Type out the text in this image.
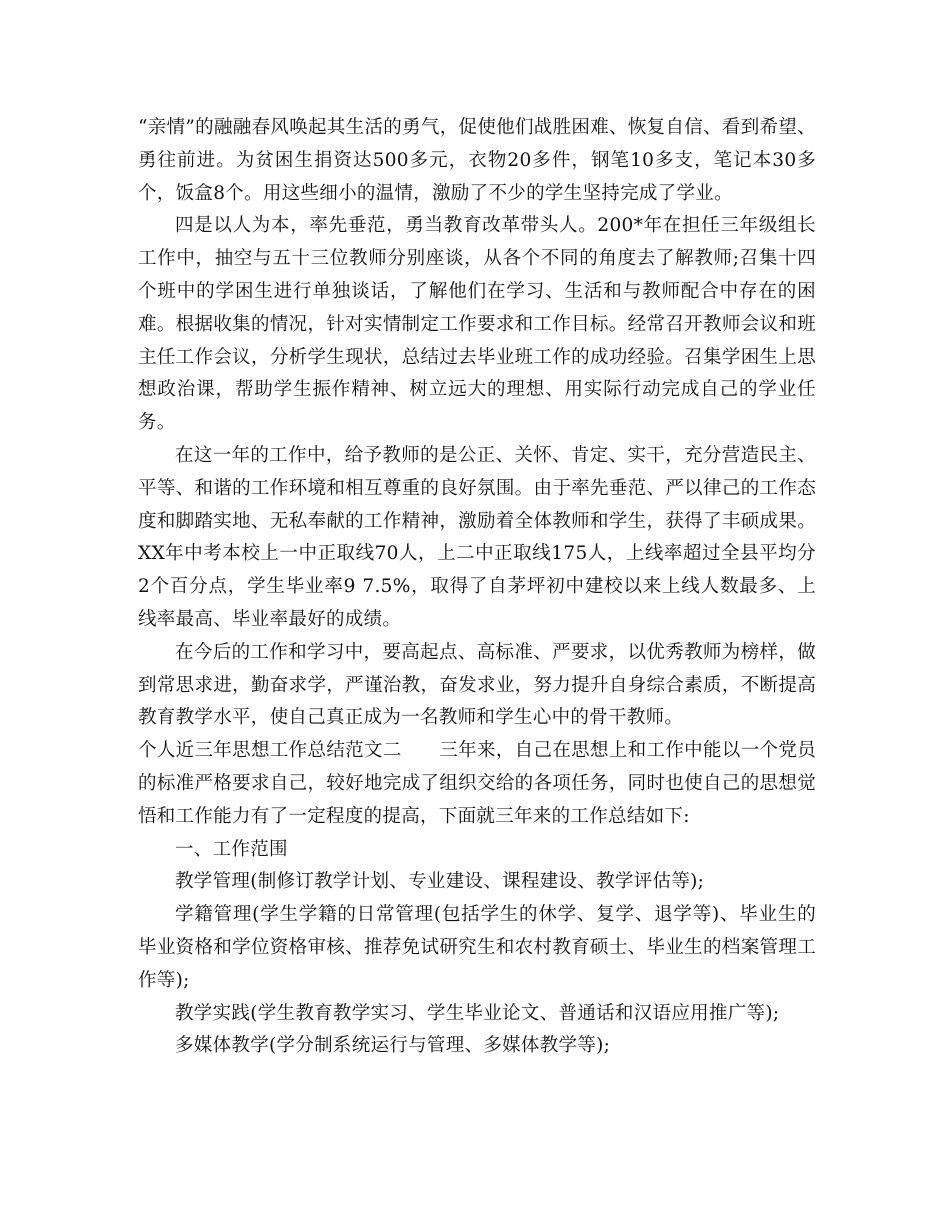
“亲情”的融融春风唤起其生活的勇气，促使他们战胜困难、恢复自信、看到希望、勇往前进。为贫困生捐资达500多元，衣物20多件，钢笔10多支，笔记本30多个，饭盒8个。用这些细小的温情，激励了不少的学生坚持完成了学业。

四是以人为本，率先垂范，勇当教育改革带头人。200*年在担任三年级组长工作中，抽空与五十三位教师分别座谈，从各个不同的角度去了解教师;召集十四个班中的学困生进行单独谈话，了解他们在学习、生活和与教师配合中存在的困难。根据收集的情况，针对实情制定工作要求和工作目标。经常召开教师会议和班主任工作会议，分析学生现状，总结过去毕业班工作的成功经验。召集学困生上思想政治课，帮助学生振作精神、树立远大的理想、用实际行动完成自己的学业任务。

在这一年的工作中，给予教师的是公正、关怀、肯定、实干，充分营造民主、平等、和谐的工作环境和相互尊重的良好氛围。由于率先垂范、严以律己的工作态度和脚踏实地、无私奉献的工作精神，激励着全体教师和学生，获得了丰硕成果。XX年中考本校上一中正取线70人，上二中正取线175人，上线率超过全县平均分2个百分点，学生毕业率9 7.5%，取得了自茅坪初中建校以来上线人数最多、上线率最高、毕业率最好的成绩。

在今后的工作和学习中，要高起点、高标准、严要求，以优秀教师为榜样，做到常思求进，勤奋求学，严谨治教，奋发求业，努力提升自身综合素质，不断提高教育教学水平，使自己真正成为一名教师和学生心中的骨干教师。

个人近三年思想工作总结范文二　　三年来，自己在思想上和工作中能以一个党员的标准严格要求自己，较好地完成了组织交给的各项任务，同时也使自己的思想觉悟和工作能力有了一定程度的提高，下面就三年来的工作总结如下:

一、工作范围

教学管理(制修订教学计划、专业建设、课程建设、教学评估等);

学籍管理(学生学籍的日常管理(包括学生的休学、复学、退学等)、毕业生的毕业资格和学位资格审核、推荐免试研究生和农村教育硕士、毕业生的档案管理工作等);

教学实践(学生教育教学实习、学生毕业论文、普通话和汉语应用推广等);

多媒体教学(学分制系统运行与管理、多媒体教学等);
